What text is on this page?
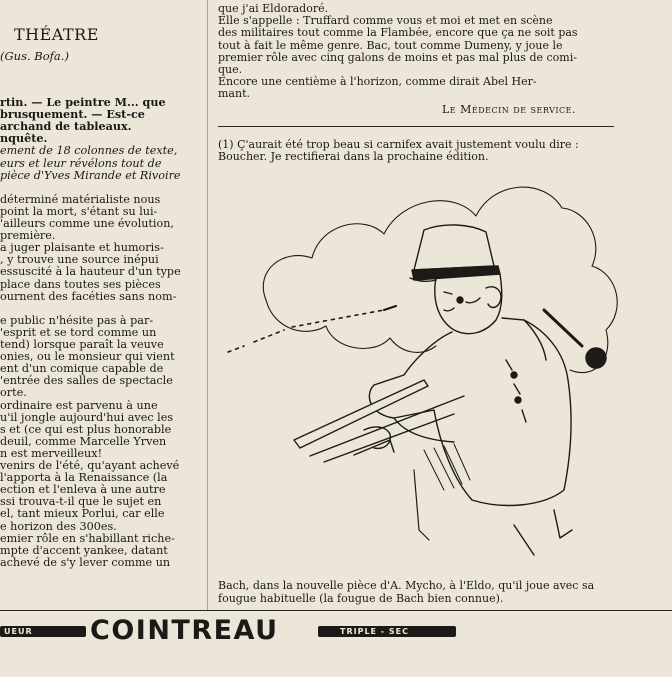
THÉATRE
(Gus. Bofa.)
rtin. — Le peintre M... que
brusquement. — Est-ce
archand de tableaux.
nquête.
ement de 18 colonnes de texte,
eurs et leur révélons tout de
pièce d'Yves Mirande et Rivoire
déterminé matérialiste nous
point la mort, s'étant su lui-
'ailleurs comme une évolution,
première.
a juger plaisante et humoris-
, y trouve une source inépui
essuscité à la hauteur d'un type
place dans toutes ses pièces
ournent des facéties sans nom-
e public n'hésite pas à par-
'esprit et se tord comme un
tend) lorsque paraît la veuve
onies, ou le monsieur qui vient
ent d'un comique capable de
'entrée des salles de spectacle
orte.
ordinaire est parvenu à une
u'il jongle aujourd'hui avec les
s et (ce qui est plus honorable
deuil, comme Marcelle Yrven
n est merveilleux!
venirs de l'été, qu'ayant achevé
l'apporta à la Renaissance (la
ection et l'enleva à une autre
ssi trouva-t-il que le sujet en
el, tant mieux Porlui, car elle
e horizon des 300es.
emier rôle en s'habillant riche-
mpte d'accent yankee, datant
achevé de s'y lever comme un
que j'ai Eldoradoré.
Elle s'appelle : Truffard comme vous et moi et met en scène
des militaires tout comme la Flambée, encore que ça ne soit pas
tout à fait le même genre. Bac, tout comme Dumeny, y joue le
premier rôle avec cinq galons de moins et pas mal plus de comi-
que.
Encore une centième à l'horizon, comme dirait Abel Her-
mant.
Le Médecin de service.
(1) Ç'aurait été trop beau si carnifex avait justement voulu dire :
Boucher. Je rectifierai dans la prochaine édition.
Bach, dans la nouvelle pièce d'A. Mycho, à l'Eldo, qu'il joue avec sa
fougue habituelle (la fougue de Bach bien connue).
UEUR COINTREAU	TRIPLE - SEC
